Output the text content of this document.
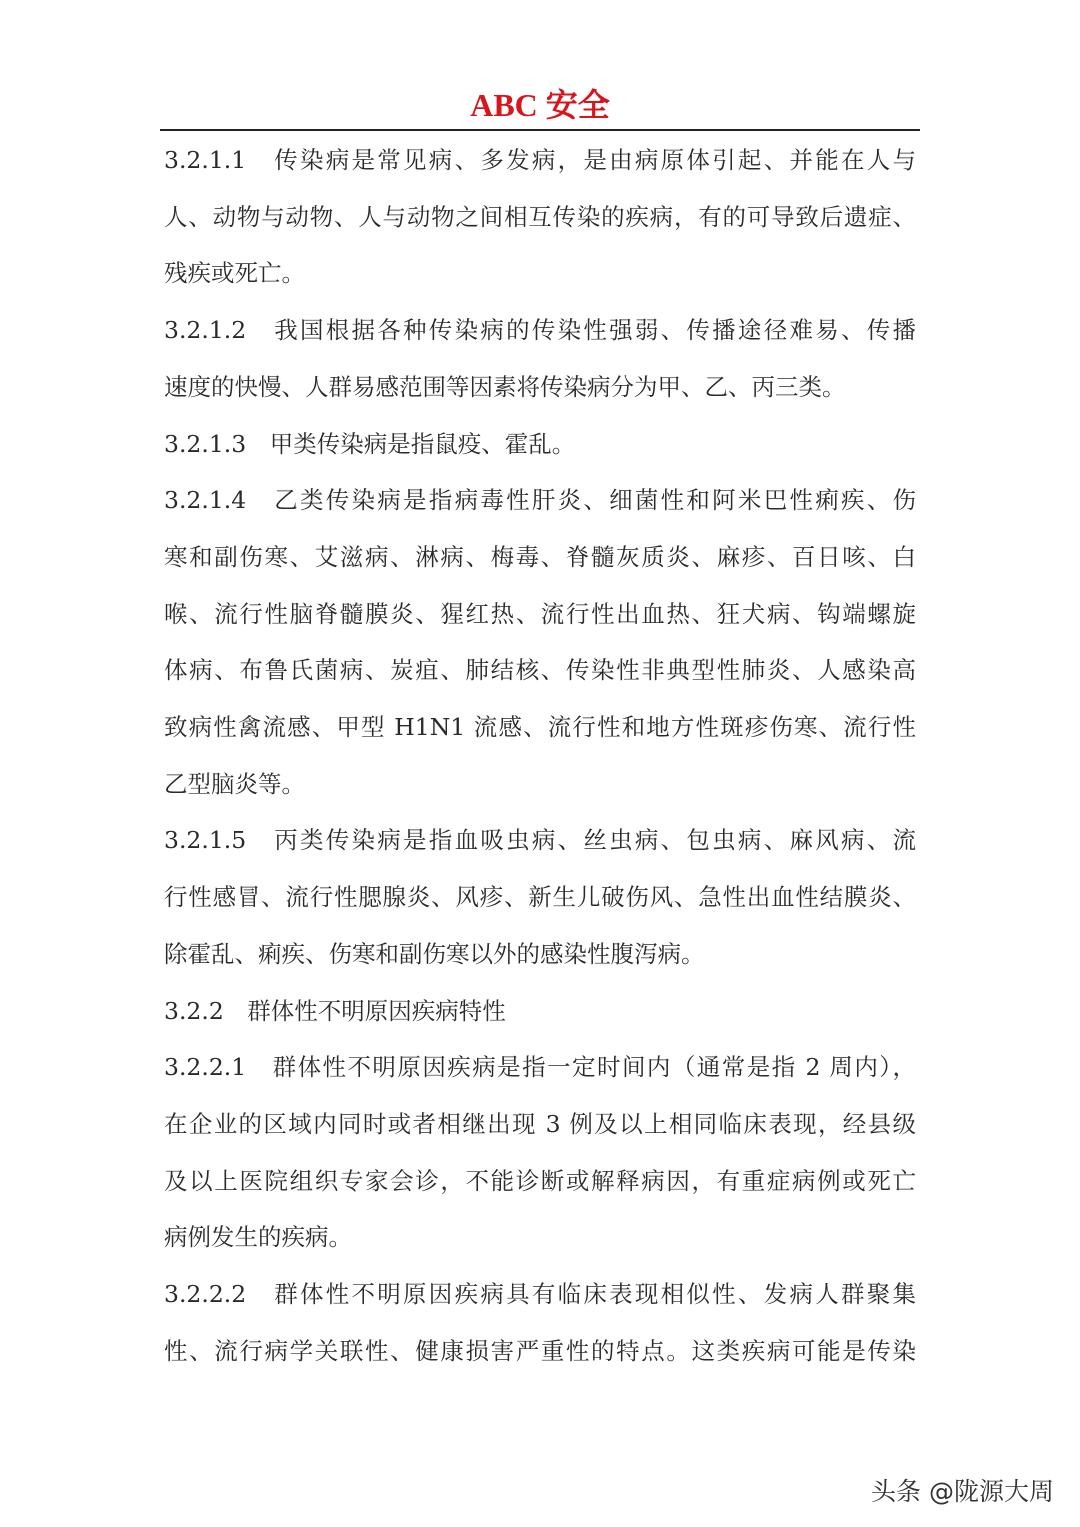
ABC 安全
3.2.1.1　传染病是常见病、多发病，是由病原体引起、并能在人与
人、动物与动物、人与动物之间相互传染的疾病，有的可导致后遗症、
残疾或死亡。
3.2.1.2　我国根据各种传染病的传染性强弱、传播途径难易、传播
速度的快慢、人群易感范围等因素将传染病分为甲、乙、丙三类。
3.2.1.3　甲类传染病是指鼠疫、霍乱。
3.2.1.4　乙类传染病是指病毒性肝炎、细菌性和阿米巴性痢疾、伤
寒和副伤寒、艾滋病、淋病、梅毒、脊髓灰质炎、麻疹、百日咳、白
喉、流行性脑脊髓膜炎、猩红热、流行性出血热、狂犬病、钩端螺旋
体病、布鲁氏菌病、炭疽、肺结核、传染性非典型性肺炎、人感染高
致病性禽流感、甲型 H1N1 流感、流行性和地方性斑疹伤寒、流行性
乙型脑炎等。
3.2.1.5　丙类传染病是指血吸虫病、丝虫病、包虫病、麻风病、流
行性感冒、流行性腮腺炎、风疹、新生儿破伤风、急性出血性结膜炎、
除霍乱、痢疾、伤寒和副伤寒以外的感染性腹泻病。
3.2.2　群体性不明原因疾病特性
3.2.2.1　群体性不明原因疾病是指一定时间内（通常是指 2 周内），
在企业的区域内同时或者相继出现 3 例及以上相同临床表现，经县级
及以上医院组织专家会诊，不能诊断或解释病因，有重症病例或死亡
病例发生的疾病。
3.2.2.2　群体性不明原因疾病具有临床表现相似性、发病人群聚集
性、流行病学关联性、健康损害严重性的特点。这类疾病可能是传染
头条 @陇源大周
